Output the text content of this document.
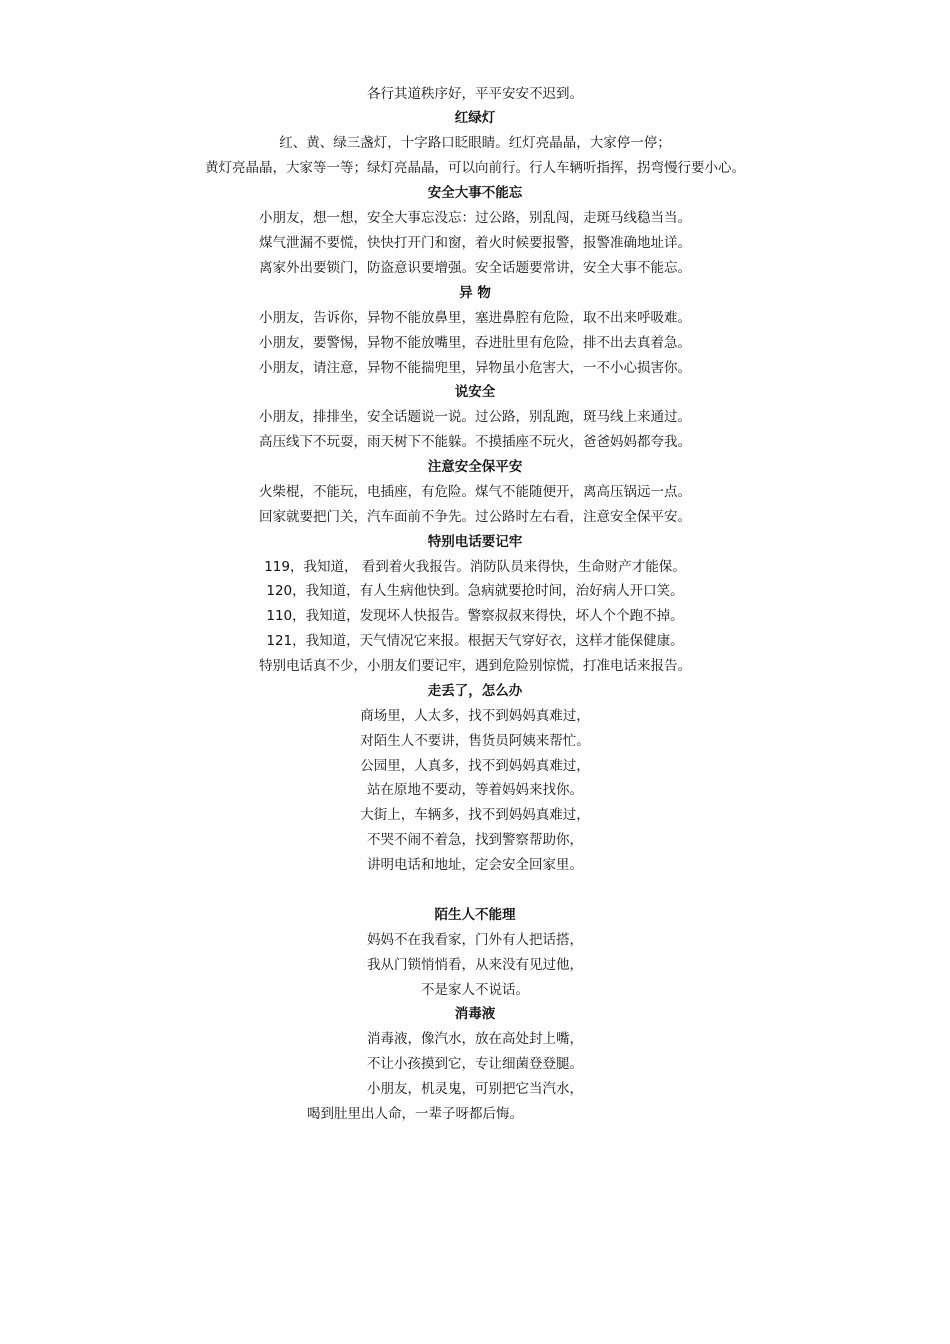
各行其道秩序好，平平安安不迟到。
红绿灯
红、黄、绿三盏灯，十字路口眨眼睛。红灯亮晶晶，大家停一停；
黄灯亮晶晶，大家等一等；绿灯亮晶晶，可以向前行。行人车辆听指挥，拐弯慢行要小心。
安全大事不能忘
小朋友，想一想，安全大事忘没忘：过公路，别乱闯，走斑马线稳当当。
煤气泄漏不要慌，快快打开门和窗，着火时候要报警，报警准确地址详。
离家外出要锁门，防盗意识要增强。安全话题要常讲，安全大事不能忘。
异 物
小朋友，告诉你，异物不能放鼻里，塞进鼻腔有危险，取不出来呼吸难。
小朋友，要警惕，异物不能放嘴里，吞进肚里有危险，排不出去真着急。
小朋友，请注意，异物不能揣兜里，异物虽小危害大，一不小心损害你。
说安全
小朋友，排排坐，安全话题说一说。过公路，别乱跑，斑马线上来通过。
高压线下不玩耍，雨天树下不能躲。不摸插座不玩火，爸爸妈妈都夸我。
注意安全保平安
火柴棍，不能玩，电插座，有危险。煤气不能随便开，离高压锅远一点。
回家就要把门关，汽车面前不争先。过公路时左右看，注意安全保平安。
特别电话要记牢
119，我知道， 看到着火我报告。消防队员来得快，生命财产才能保。
120，我知道，有人生病他快到。急病就要抢时间，治好病人开口笑。
110，我知道，发现坏人快报告。警察叔叔来得快，坏人个个跑不掉。
121，我知道，天气情况它来报。根据天气穿好衣，这样才能保健康。
特别电话真不少，小朋友们要记牢，遇到危险别惊慌，打准电话来报告。
走丢了，怎么办
商场里，人太多，找不到妈妈真难过，
对陌生人不要讲，售货员阿姨来帮忙。
公园里，人真多，找不到妈妈真难过，
站在原地不要动，等着妈妈来找你。
大街上，车辆多，找不到妈妈真难过，
不哭不闹不着急，找到警察帮助你，
讲明电话和地址，定会安全回家里。
陌生人不能理
妈妈不在我看家，门外有人把话搭，
我从门锁悄悄看，从来没有见过他，
不是家人不说话。
消毒液
消毒液，像汽水，放在高处封上嘴，
不让小孩摸到它，专让细菌登登腿。
小朋友，机灵鬼，可别把它当汽水，
喝到肚里出人命，一辈子呀都后悔。
